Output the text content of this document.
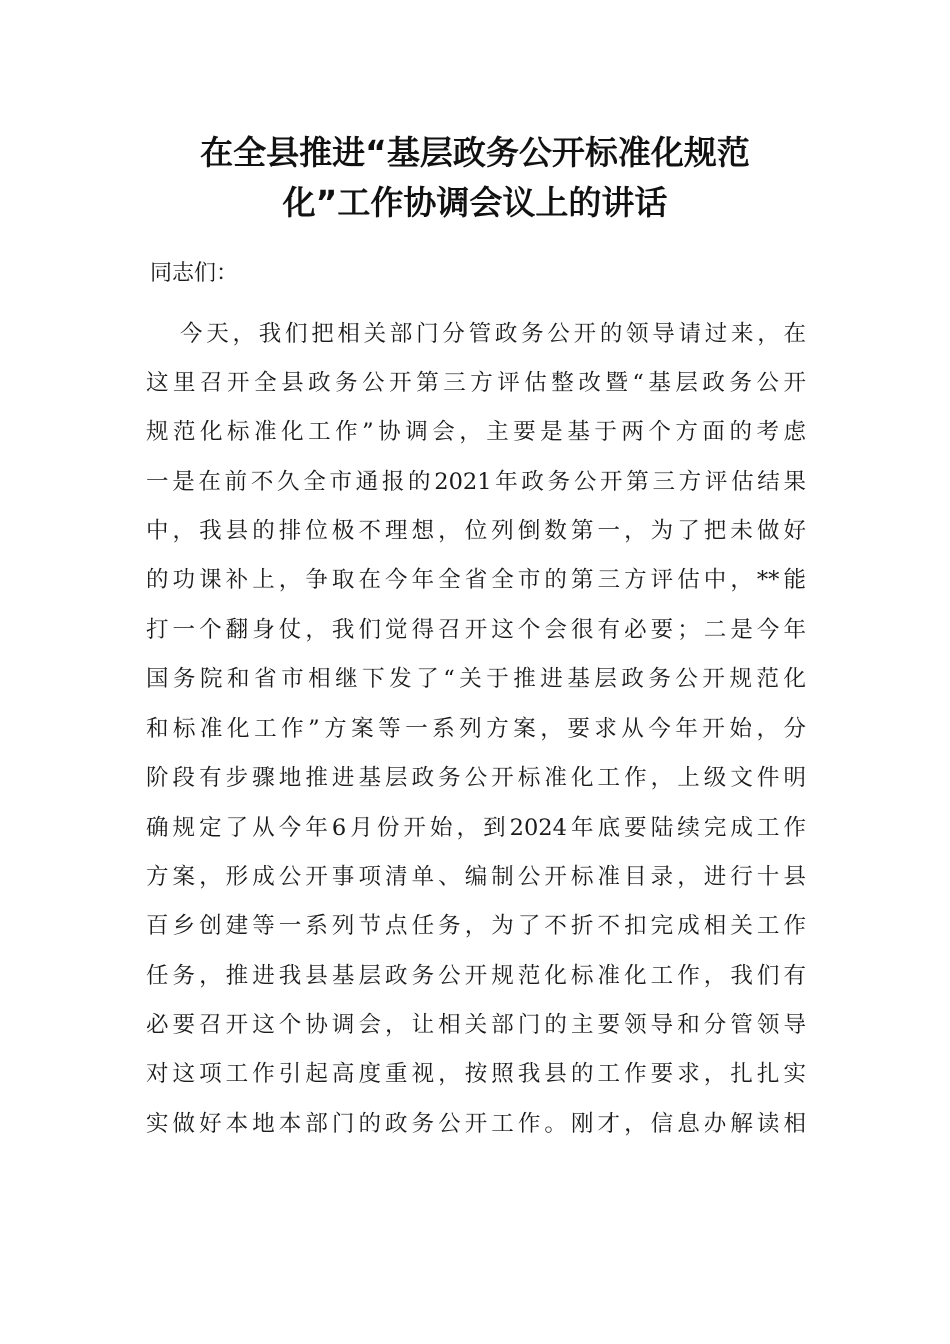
在全县推进“基层政务公开标准化规范
化”工作协调会议上的讲话
同志们：
今天，我们把相关部门分管政务公开的领导请过来，在
这里召开全县政务公开第三方评估整改暨“基层政务公开
规范化标准化工作”协调会，主要是基于两个方面的考虑
一是在前不久全市通报的2021年政务公开第三方评估结果
中，我县的排位极不理想，位列倒数第一，为了把未做好
的功课补上，争取在今年全省全市的第三方评估中，**能
打一个翻身仗，我们觉得召开这个会很有必要；二是今年
国务院和省市相继下发了“关于推进基层政务公开规范化
和标准化工作”方案等一系列方案，要求从今年开始，分
阶段有步骤地推进基层政务公开标准化工作，上级文件明
确规定了从今年6月份开始，到2024年底要陆续完成工作
方案，形成公开事项清单、编制公开标准目录，进行十县
百乡创建等一系列节点任务，为了不折不扣完成相关工作
任务，推进我县基层政务公开规范化标准化工作，我们有
必要召开这个协调会，让相关部门的主要领导和分管领导
对这项工作引起高度重视，按照我县的工作要求，扎扎实
实做好本地本部门的政务公开工作。刚才，信息办解读相
